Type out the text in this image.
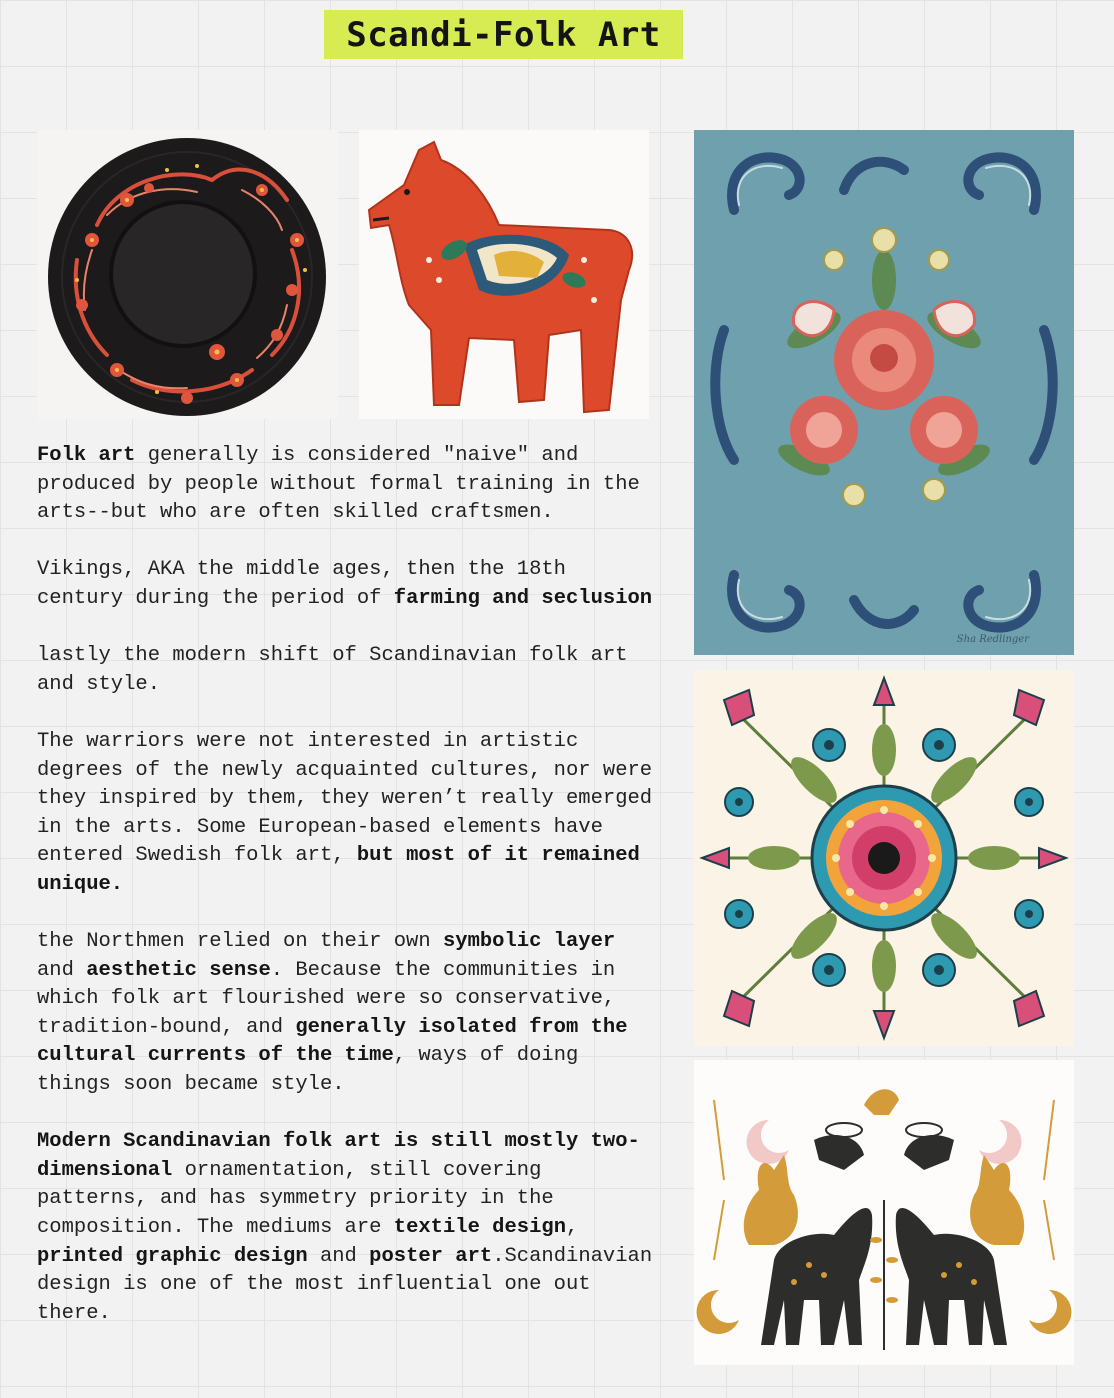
Scandi-Folk Art
Sha Redlinger

Folk art generally is considered "naive" and produced by people without formal training in the arts--but who are often skilled craftsmen.

Vikings, AKA the middle ages, then the 18th century during the period of farming and seclusion

lastly the modern shift of Scandinavian folk art and style.

The warriors were not interested in artistic degrees of the newly acquainted cultures, nor were they inspired by them, they weren’t really emerged in the arts. Some European-based elements have entered Swedish folk art, but most of it remained unique.

the Northmen relied on their own symbolic layer and aesthetic sense. Because the communities in which folk art flourished were so conservative, tradition-bound, and generally isolated from the cultural currents of the time, ways of doing things soon became style.

Modern Scandinavian folk art is still mostly two-dimensional ornamentation, still covering patterns, and has symmetry priority in the composition. The mediums are textile design, printed graphic design and poster art.Scandinavian design is one of the most influential one out there.
